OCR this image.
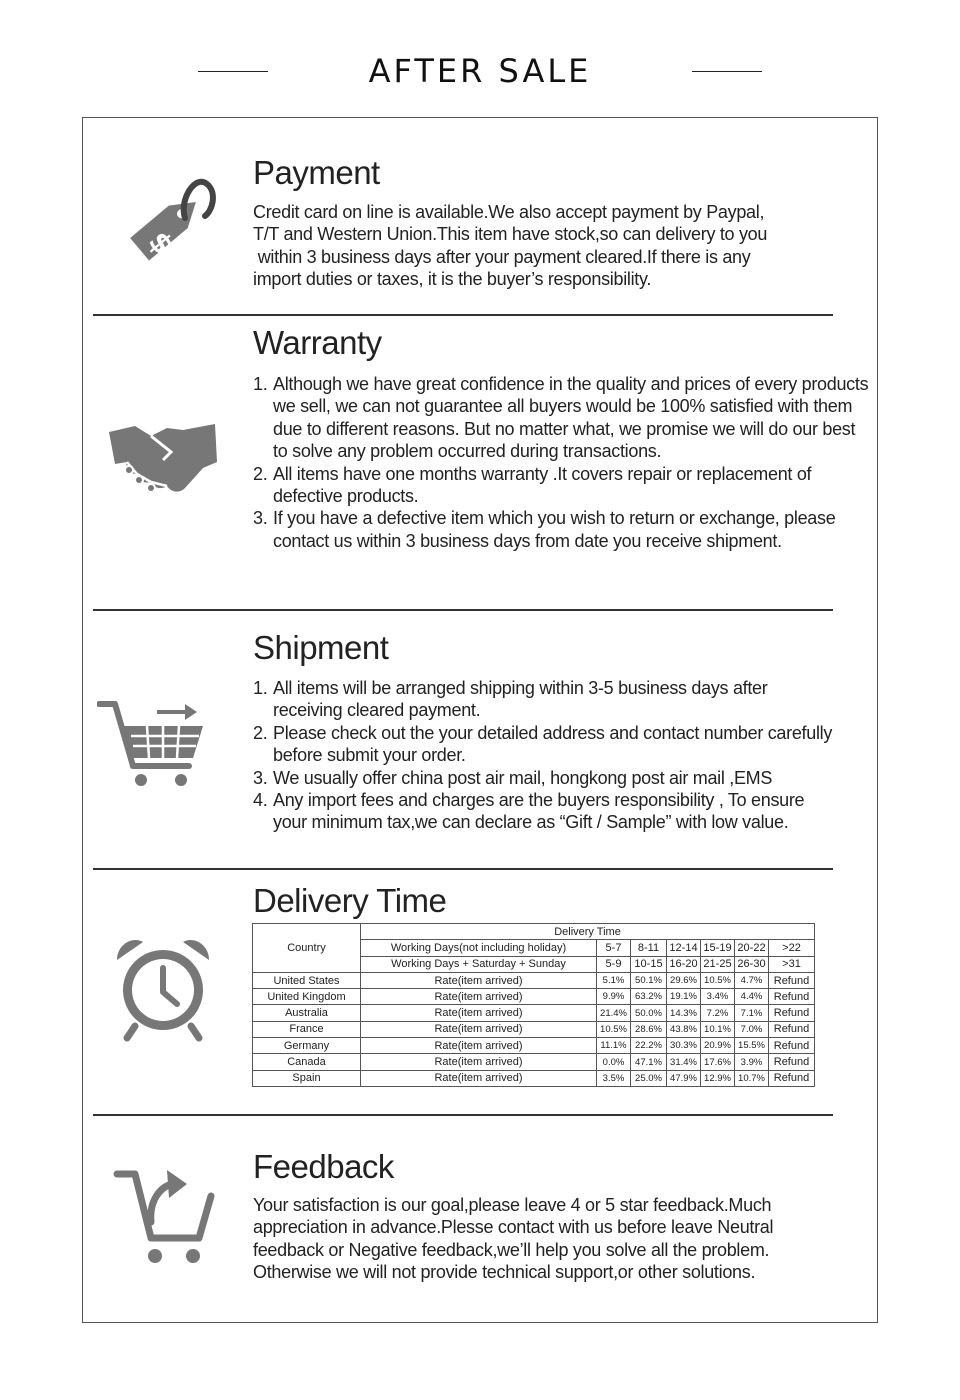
AFTER SALE
$
Payment
Credit card on line is available.We also accept payment by Paypal,
T/T and Western Union.This item have stock,so can delivery to you
within 3 business days after your payment cleared.If there is any
import duties or taxes, it is the buyer’s responsibility.
Warranty
1. Although we have great confidence in the quality and prices of every products we sell, we can not guarantee all buyers would be 100% satisfied with them due to different reasons. But no matter what, we promise we will do our best to solve any problem occurred during transactions.
2. All items have one months warranty .It covers repair or replacement of defective products.
3. If you have a defective item which you wish to return or exchange, please contact us within 3 business days from date you receive shipment.
Shipment
1. All items will be arranged shipping within 3-5 business days after receiving cleared payment.
2. Please check out the your detailed address and contact number carefully before submit your order.
3. We usually offer china post air mail, hongkong post air mail ,EMS
4. Any import fees and charges are the buyers responsibility , To ensure your minimum tax,we can declare as “Gift / Sample” with low value.
Delivery Time
Country	Delivery Time						
	Working Days(not including holiday)	5-7	8-11	12-14	15-19	20-22	>22
	Working Days + Saturday + Sunday	5-9	10-15	16-20	21-25	26-30	>31
United States	Rate(item arrived)	5.1%	50.1%	29.6%	10.5%	4.7%	Refund
United Kingdom	Rate(item arrived)	9.9%	63.2%	19.1%	3.4%	4.4%	Refund
Australia	Rate(item arrived)	21.4%	50.0%	14.3%	7.2%	7.1%	Refund
France	Rate(item arrived)	10.5%	28.6%	43.8%	10.1%	7.0%	Refund
Germany	Rate(item arrived)	11.1%	22.2%	30.3%	20.9%	15.5%	Refund
Canada	Rate(item arrived)	0.0%	47.1%	31.4%	17.6%	3.9%	Refund
Spain	Rate(item arrived)	3.5%	25.0%	47.9%	12.9%	10.7%	Refund
Feedback
Your satisfaction is our goal,please leave 4 or 5 star feedback.Much
appreciation in advance.Plesse contact with us before leave Neutral
feedback or Negative feedback,we’ll help you solve all the problem.
Otherwise we will not provide technical support,or other solutions.
